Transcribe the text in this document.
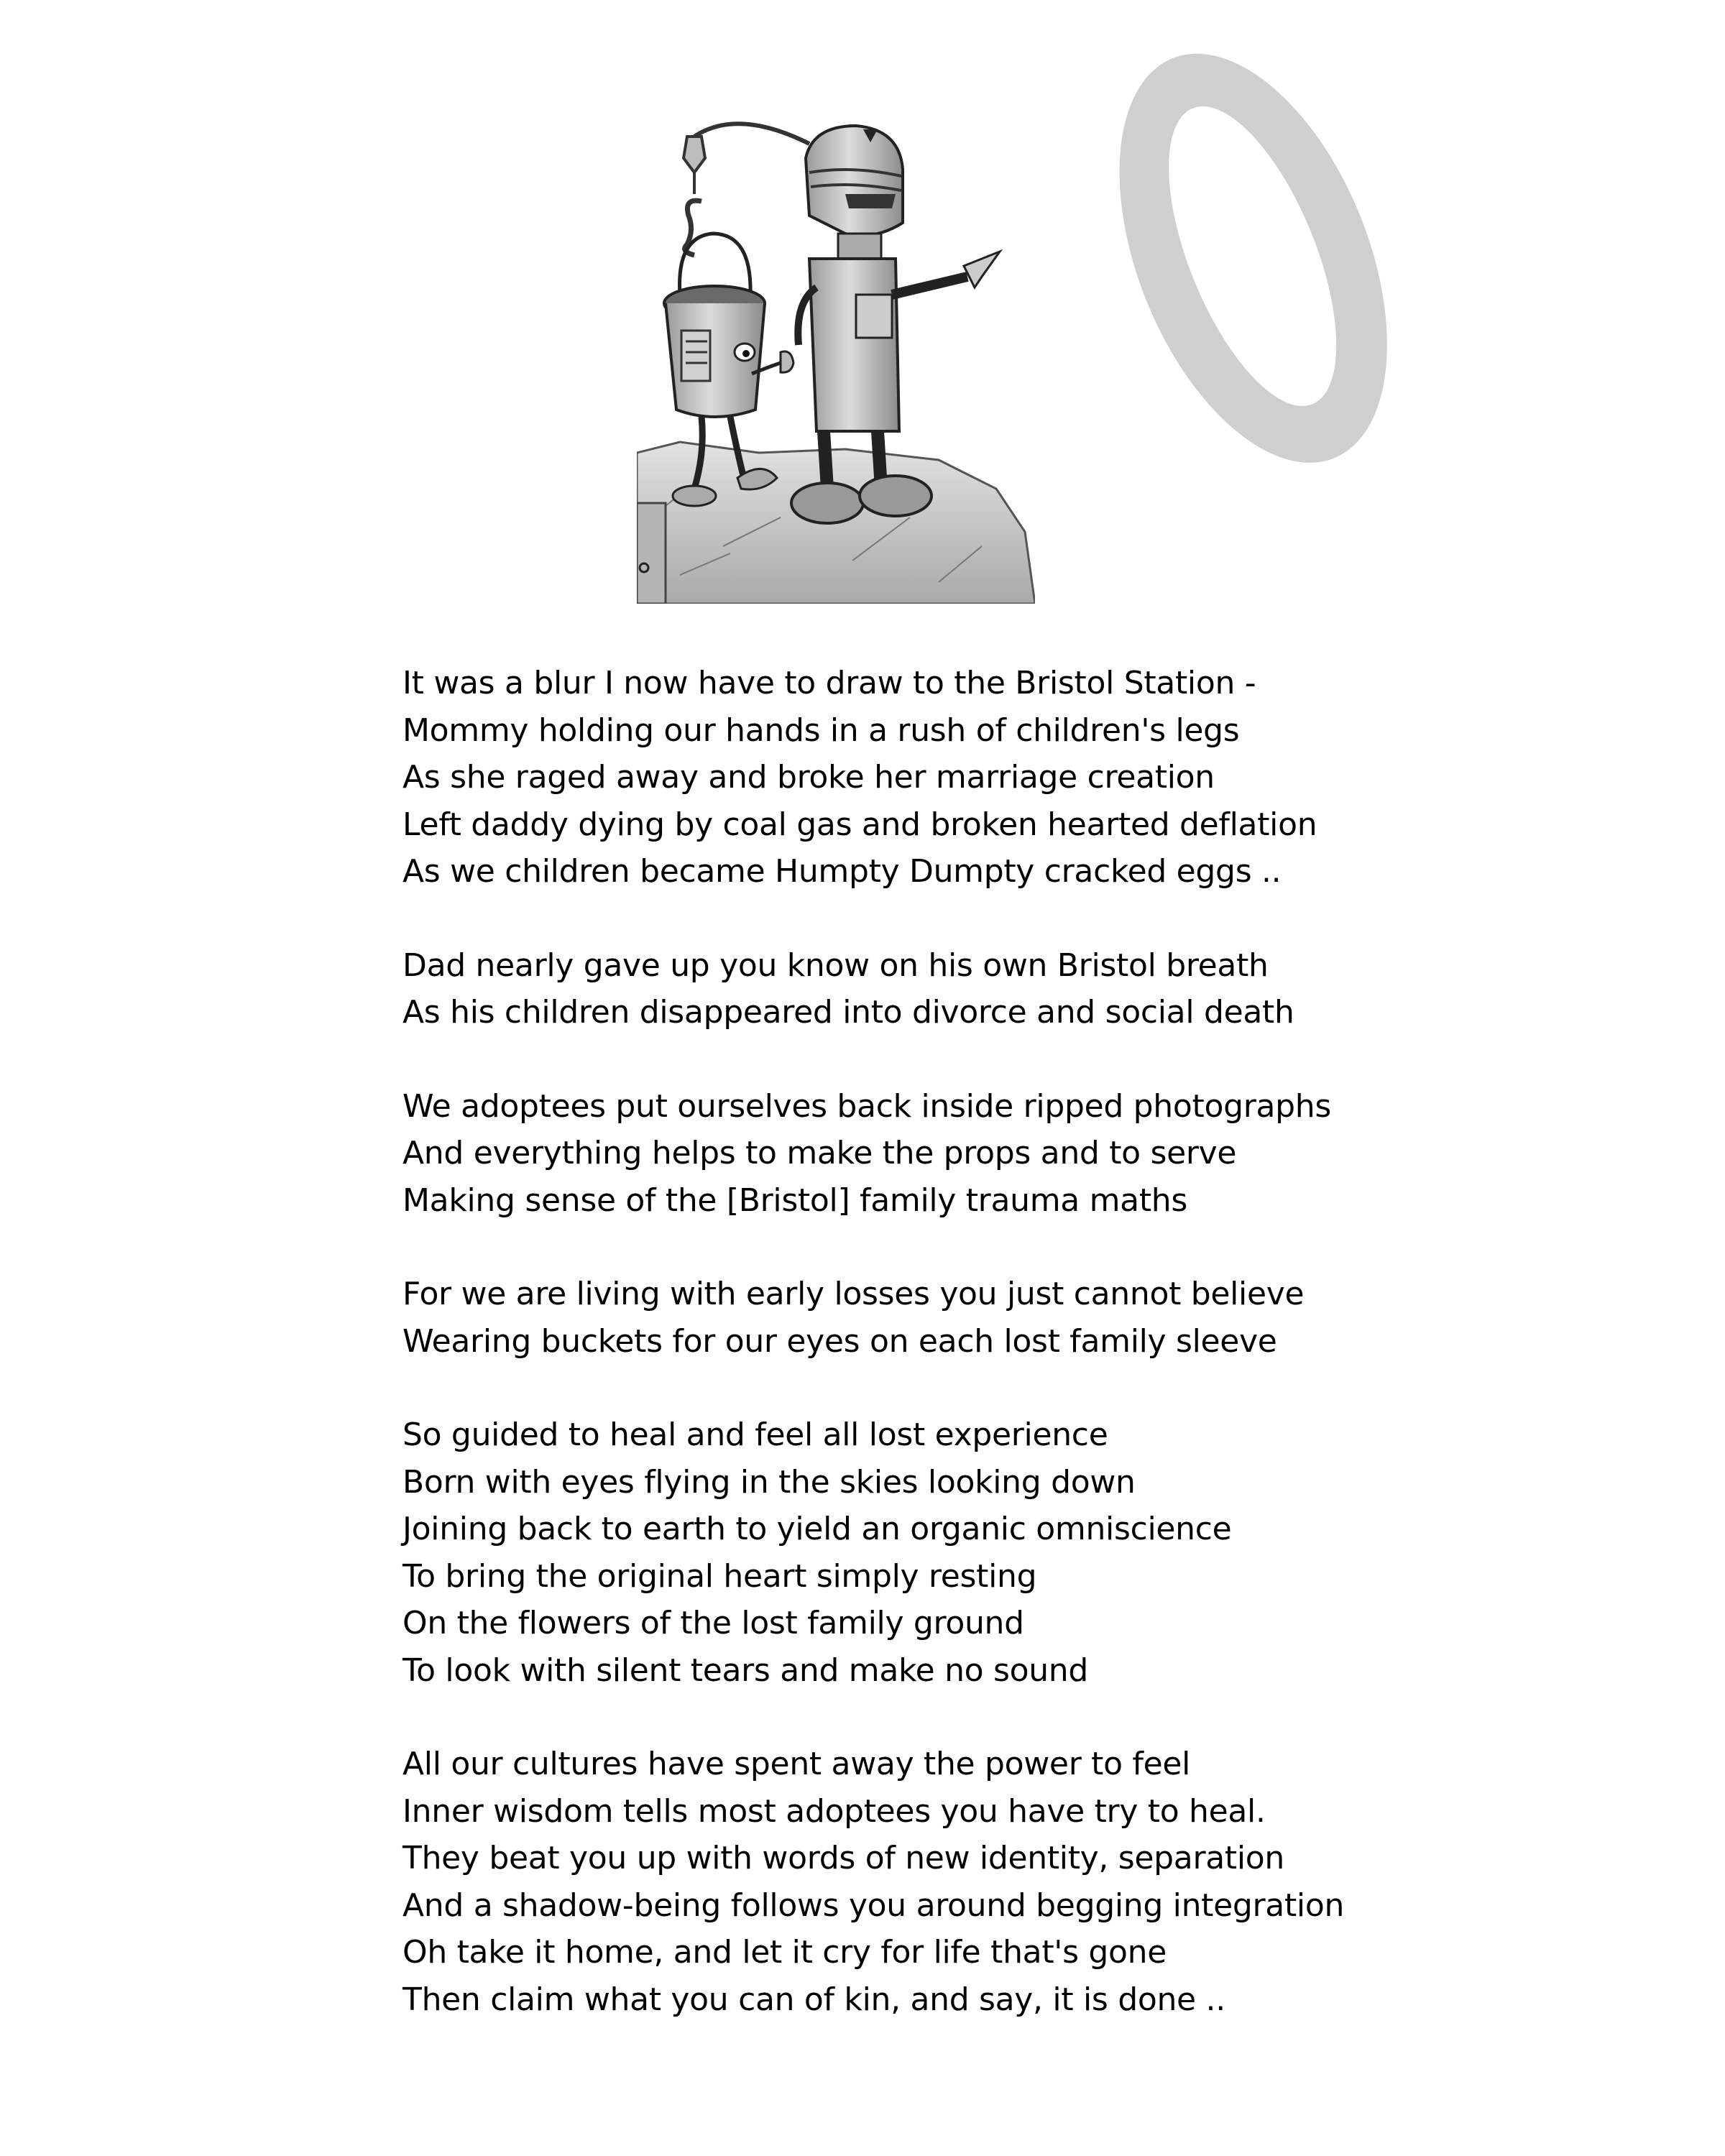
It was a blur I now have to draw to the Bristol Station -
Mommy holding our hands in a rush of children's legs
As she raged away and broke her marriage creation
Left daddy dying by coal gas and broken hearted deflation
As we children became Humpty Dumpty cracked eggs ..
Dad nearly gave up you know on his own Bristol breath
As his children disappeared into divorce and social death
We adoptees put ourselves back inside ripped photographs
And everything helps to make the props and to serve
Making sense of the [Bristol] family trauma maths
For we are living with early losses you just cannot believe
Wearing buckets for our eyes on each lost family sleeve
So guided to heal and feel all lost experience
Born with eyes flying in the skies looking down
Joining back to earth to yield an organic omniscience
To bring the original heart simply resting
On the flowers of the lost family ground
To look with silent tears and make no sound
All our cultures have spent away the power to feel
Inner wisdom tells most adoptees you have try to heal.
They beat you up with words of new identity, separation
And a shadow-being follows you around begging integration
Oh take it home, and let it cry for life that's gone
Then claim what you can of kin, and say, it is done ..
